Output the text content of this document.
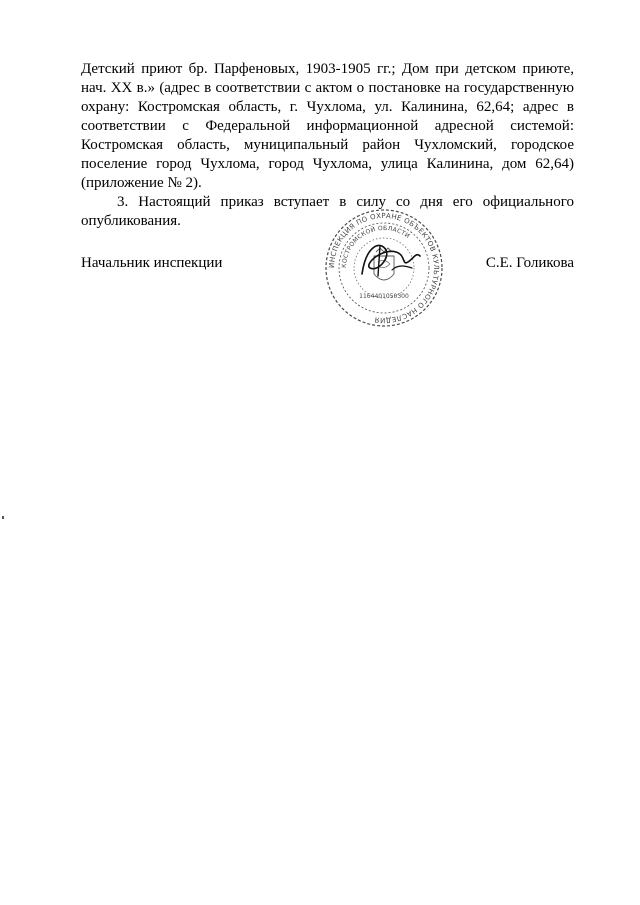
Детский приют бр. Парфеновых, 1903-1905 гг.; Дом при детском приюте, нач. XX в.» (адрес в соответствии с актом о постановке на государственную охрану: Костромская область, г. Чухлома, ул. Калинина, 62,64; адрес в соответствии с Федеральной информационной адресной системой: Костромская область, муниципальный район Чухломский, городское поселение город Чухлома, город Чухлома, улица Калинина, дом 62,64) (приложение № 2).

3. Настоящий приказ вступает в силу со дня его официального опубликования.

ИНСПЕКЦИЯ ПО ОХРАНЕ ОБЪЕКТОВ КУЛЬТУРНОГО НАСЛЕДИЯ
КОСТРОМСКОЙ ОБЛАСТИ
1164401050300
Начальник инспекции	С.Е. Голикова
